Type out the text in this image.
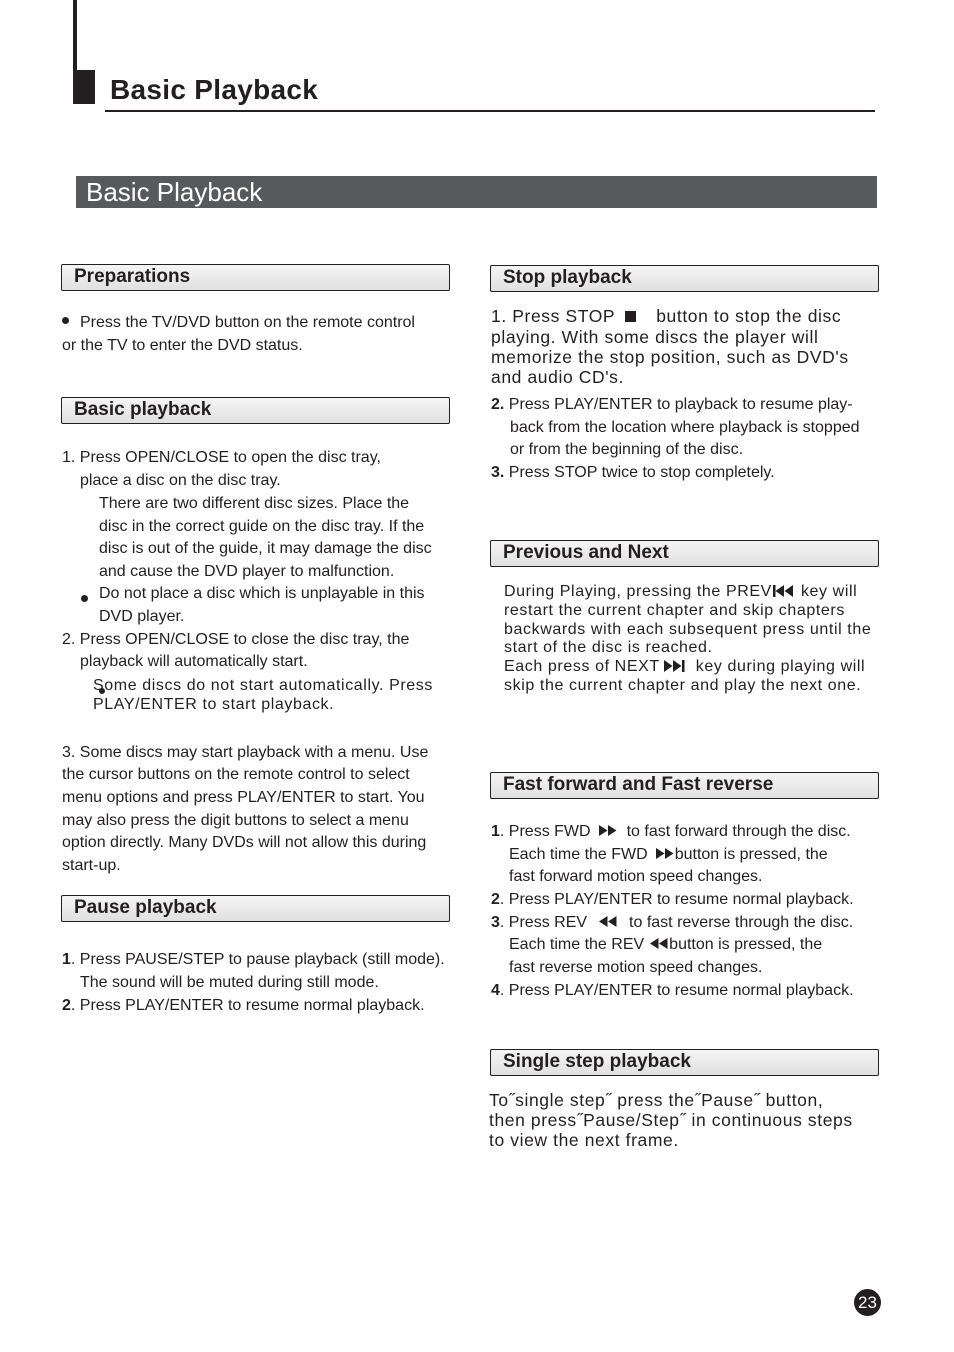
Basic Playback
Basic Playback
Preparations
Press the TV/DVD button on the remote control
or the TV to enter the DVD status.
Basic playback
1. Press OPEN/CLOSE to open the disc tray,
place a disc on the disc tray.
There are two different disc sizes. Place the
disc in the correct guide on the disc tray. If the
disc is out of the guide, it may damage the disc
and cause the DVD player to malfunction.

Do not place a disc which is unplayable in this
DVD player.
2. Press OPEN/CLOSE to close the disc tray, the
playback will automatically start.
Some discs do not start automatically. Press
PLAY/ENTER to start playback.
3. Some discs may start playback with a menu. Use
the cursor buttons on the remote control to select
menu options and press PLAY/ENTER to start. You
may also press the digit buttons to select a menu
option directly. Many DVDs will not allow this during
start-up.
Pause playback
1. Press PAUSE/STEP to pause playback (still mode).
The sound will be muted during still mode.
2. Press PLAY/ENTER to resume normal playback.
Stop playback
1. Press STOP button to stop the disc
playing. With some discs the player will
memorize the stop position, such as DVD's
and audio CD's.
2. Press PLAY/ENTER to playback to resume play-
back from the location where playback is stopped
or from the beginning of the disc.
3. Press STOP twice to stop completely.
Previous and Next
During Playing, pressing the PREV key will
restart the current chapter and skip chapters
backwards with each subsequent press until the
start of the disc is reached.
Each press of NEXT key during playing will
skip the current chapter and play the next one.
Fast forward and Fast reverse
1. Press FWD to fast forward through the disc.
Each time the FWD button is pressed, the
fast forward motion speed changes.
2. Press PLAY/ENTER to resume normal playback.
3. Press REV	to fast reverse through the disc.
Each time the REV button is pressed, the
fast reverse motion speed changes.
4. Press PLAY/ENTER to resume normal playback.
Single step playback
To˝single step˝ press the˝Pause˝ button,
then press˝Pause/Step˝ in continuous steps
to view the next frame.
23
